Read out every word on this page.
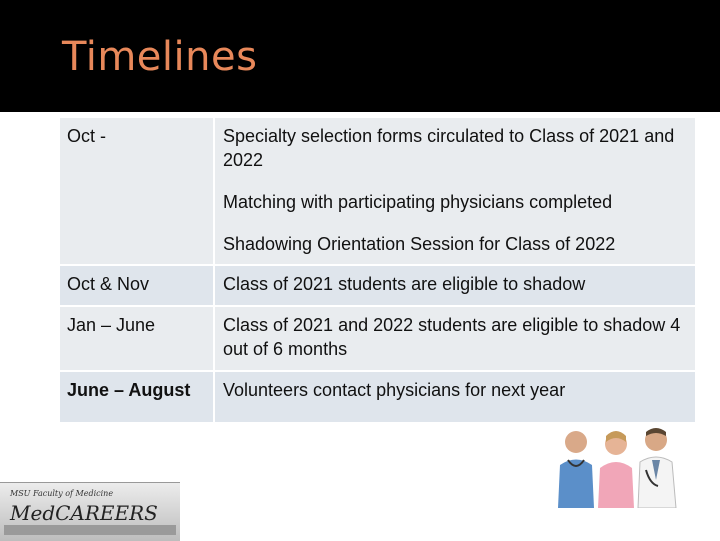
Timelines
Oct -	Specialty selection forms circulated to Class of 2021 and 2022
Matching with participating physicians completed
Shadowing Orientation Session for Class of 2022
Oct & Nov	Class of 2021 students are eligible to shadow
Jan – June	Class of 2021 and 2022 students are eligible to shadow 4 out of 6 months
June – August	Volunteers contact physicians for next year
MSU Faculty of Medicine
MedCAREERS
